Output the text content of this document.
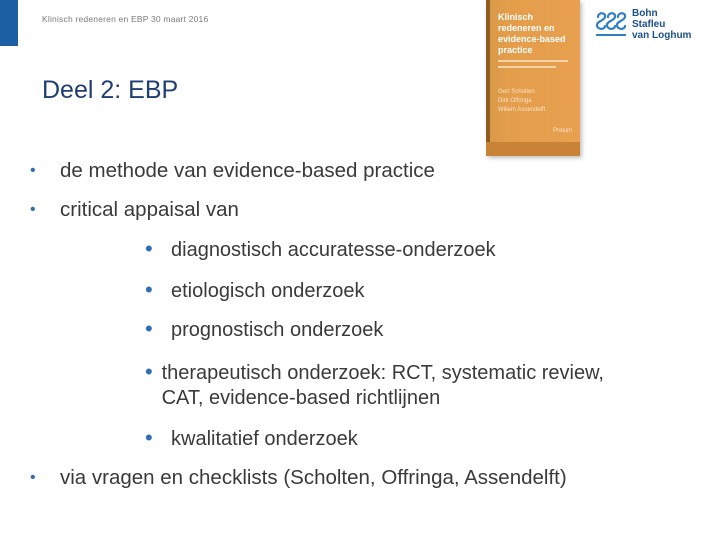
Klinisch redeneren en EBP 30 maart 2016	Klinisch redeneren en evidence-based practice
Gert Scholten
Dirk Offringa
Willem Assendelft
Prelum
Bohn
Stafleu
van Loghum
Deel 2: EBP
•	de methode van evidence-based practice
•	critical appaisal van
• diagnostisch accuratesse-onderzoek
• etiologisch onderzoek
• prognostisch onderzoek
• therapeutisch onderzoek: RCT, systematic review, CAT, evidence-based richtlijnen
• kwalitatief onderzoek
•	via vragen en checklists (Scholten, Offringa, Assendelft)
